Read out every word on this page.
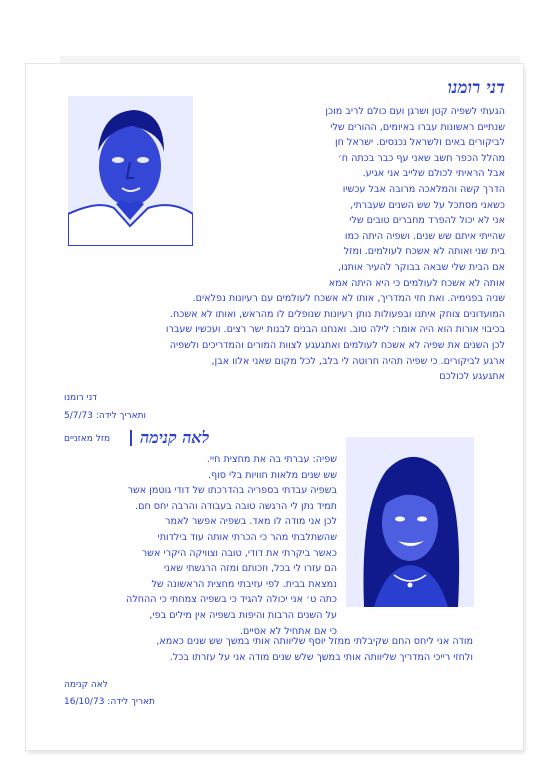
דני רומנו
הגעתי לשפיה קטן ושרגן ועם כולם לריב מוכן
שנתיים ראשונות עברו באיומים, ההורים שלי
לביקורים באים ולשראל נכנסים. ישראל חן
מהלל הכפר חשב שאני עף כבר בכתה ח׳
אבל הראיתי לכולם שלייב אני אגיע.
הדרך קשה והמלאכה מרובה אבל עכשיו
כשאני מסתכל על שש השנים שעברתי,
אני לא יכול להפרד מחברים טובים שלי
שהייתי איתם שש שנים. ושפיה היתה כמו
בית שני ואותה לא אשכח לעולמים. ומזל
אם הבית שלי שבאה בבוקר להעיר אותנו,
אותה לא אשכח לעולמים כי היא היתה אמא
שניה בפנימיה. ואת חזי המדריך, אותו לא אשכח לעולמים עם רעיונות נפלאים.
המועדונים צוחק איתנו ובפעולות נותן רעיונות שנופלים לו מהראש, ואותו לא אשכח.
בכיבוי אורות הוא היה אומר: לילה טוב. ואנחנו הבנים לבנות ישר רצים. ועכשיו שעברו
לכן השנים את שפיה לא אשכח לעולמים ואתגעגע לצוות המורים והמדריכים ולשפיה
ארגע לביקורים. כי שפיה תהיה חרוטה לי בלב, לכל מקום שאני אלוו אבן,
אתגעגע לכולכם
דני רומנו
ותאריך לידה: 5/7/73
מזל מאזניים לאה קנימה
שפיה: עברתי בה את מחצית חיי.
שש שנים מלאות חוויות בלי סוף.
בשפיה עבדתי בספריה בהדרכתו של דודי גוטמן אשר
תמיד נתן לי הרגשה טובה בעבודה והרבה יחס חם.
לכן אני מודה לו מאד. בשפיה אפשר לאמר
שהשתלבתי מהר כי הכרתי אותה עוד בילדותי
כאשר ביקרתי את דודי, טובה וצוויקה היקרי אשר
הם עזרו לי בכל, וזכותם ומזה הרגשתי שאני
נמצאת בבית. לפי עזיבתי מחצית הראשונה של
כתה ט׳ אני יכולה להגיד כי בשפיה צמחתי כי ההחלה
על השנים הרבות והיפות בשפיה אין מילים בפי,
כי אם אתחיל לא אסיים.
מודה אני ליחס החם שקיבלתי ממזל יוסף שליוותה אותי במשך שש שנים כאמא,
ולחזי רייכי המדריך שליוותה אותי במשך שלש שנים מודה אני על עזרתו בכל.
לאה קנימה
תאריך לידה: 16/10/73
